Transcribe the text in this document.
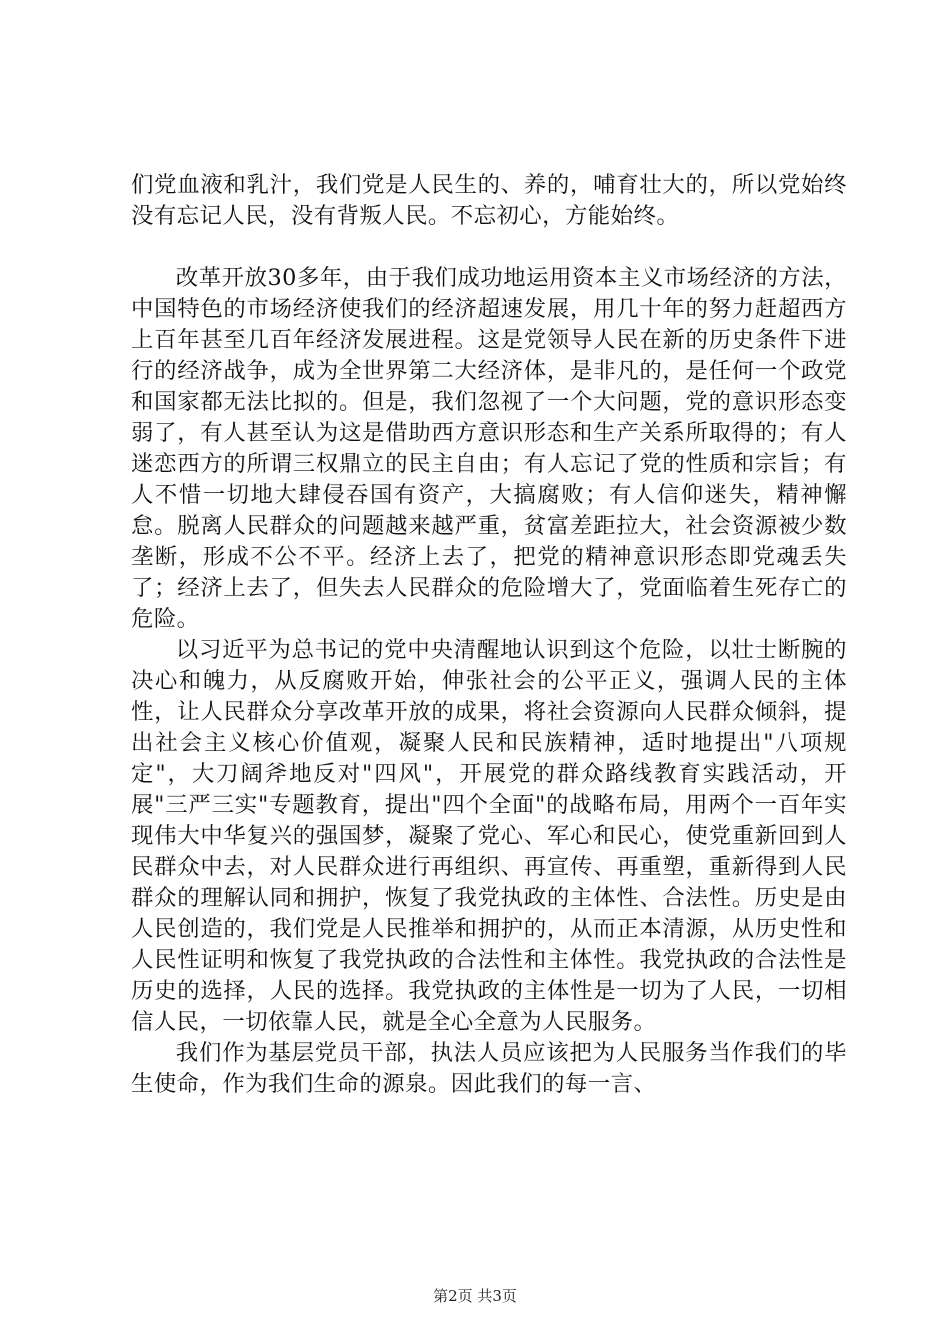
们党血液和乳汁，我们党是人民生的、养的，哺育壮大的，所以党始终没有忘记人民，没有背叛人民。不忘初心，方能始终。

改革开放30多年，由于我们成功地运用资本主义市场经济的方法，中国特色的市场经济使我们的经济超速发展，用几十年的努力赶超西方上百年甚至几百年经济发展进程。这是党领导人民在新的历史条件下进行的经济战争，成为全世界第二大经济体，是非凡的，是任何一个政党和国家都无法比拟的。但是，我们忽视了一个大问题，党的意识形态变弱了，有人甚至认为这是借助西方意识形态和生产关系所取得的；有人迷恋西方的所谓三权鼎立的民主自由；有人忘记了党的性质和宗旨；有人不惜一切地大肆侵吞国有资产，大搞腐败；有人信仰迷失，精神懈怠。脱离人民群众的问题越来越严重，贫富差距拉大，社会资源被少数垄断，形成不公不平。经济上去了，把党的精神意识形态即党魂丢失了；经济上去了，但失去人民群众的危险增大了，党面临着生死存亡的危险。

以习近平为总书记的党中央清醒地认识到这个危险，以壮士断腕的决心和魄力，从反腐败开始，伸张社会的公平正义，强调人民的主体性，让人民群众分享改革开放的成果，将社会资源向人民群众倾斜，提出社会主义核心价值观，凝聚人民和民族精神，适时地提出"八项规定"，大刀阔斧地反对"四风"，开展党的群众路线教育实践活动，开展"三严三实"专题教育，提出"四个全面"的战略布局，用两个一百年实现伟大中华复兴的强国梦，凝聚了党心、军心和民心，使党重新回到人民群众中去，对人民群众进行再组织、再宣传、再重塑，重新得到人民群众的理解认同和拥护，恢复了我党执政的主体性、合法性。历史是由人民创造的，我们党是人民推举和拥护的，从而正本清源，从历史性和人民性证明和恢复了我党执政的合法性和主体性。我党执政的合法性是历史的选择，人民的选择。我党执政的主体性是一切为了人民，一切相信人民，一切依靠人民，就是全心全意为人民服务。

我们作为基层党员干部，执法人员应该把为人民服务当作我们的毕生使命，作为我们生命的源泉。因此我们的每一言、

第2页 共3页
